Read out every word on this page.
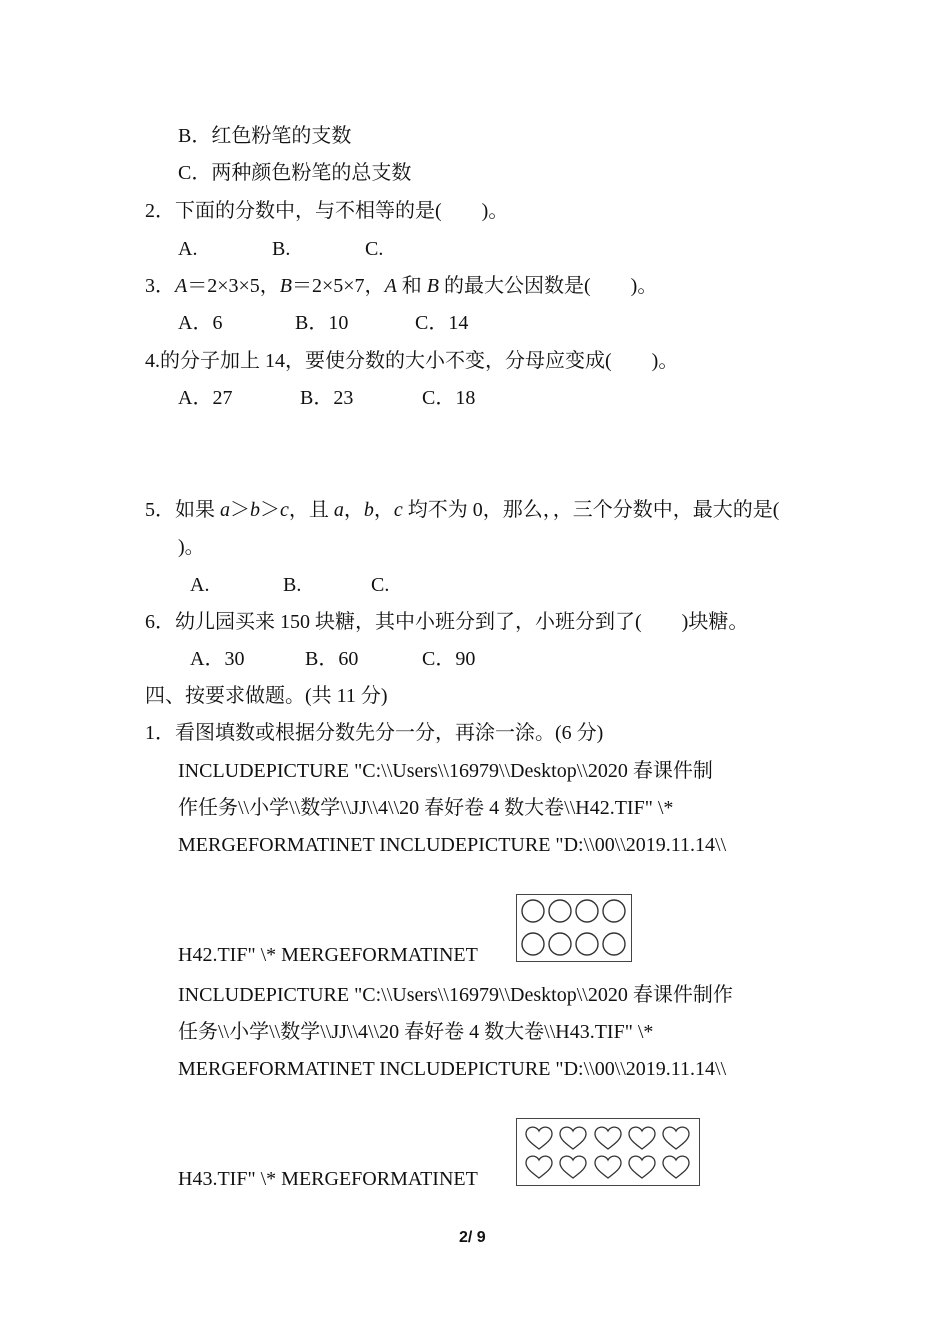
B．红色粉笔的支数
C．两种颜色粉笔的总支数
2．下面的分数中，与不相等的是(　　)。
A.	B.	C.
3．A＝2×3×5，B＝2×5×7，A 和 B 的最大公因数是(　　)。
A．6	B．10	C．14
4.的分子加上 14，要使分数的大小不变，分母应变成(　　)。
A．27	B．23	C．18
5．如果 a＞b＞c，且 a，b，c 均不为 0，那么，，三个分数中，最大的是(
)。
A.	B.	C.
6．幼儿园买来 150 块糖，其中小班分到了，小班分到了(　　)块糖。
A．30	B．60	C．90
四、按要求做题。(共 11 分)
1．看图填数或根据分数先分一分，再涂一涂。(6 分)
INCLUDEPICTURE "C:\\Users\\16979\\Desktop\\2020 春课件制
作任务\\小学\\数学\\JJ\\4\\20 春好卷 4 数大卷\\H42.TIF" \*
MERGEFORMATINET INCLUDEPICTURE "D:\\00\\2019.11.14\\
H42.TIF" \* MERGEFORMATINET
INCLUDEPICTURE "C:\\Users\\16979\\Desktop\\2020 春课件制作
任务\\小学\\数学\\JJ\\4\\20 春好卷 4 数大卷\\H43.TIF" \*
MERGEFORMATINET INCLUDEPICTURE "D:\\00\\2019.11.14\\
H43.TIF" \* MERGEFORMATINET
2/ 9
